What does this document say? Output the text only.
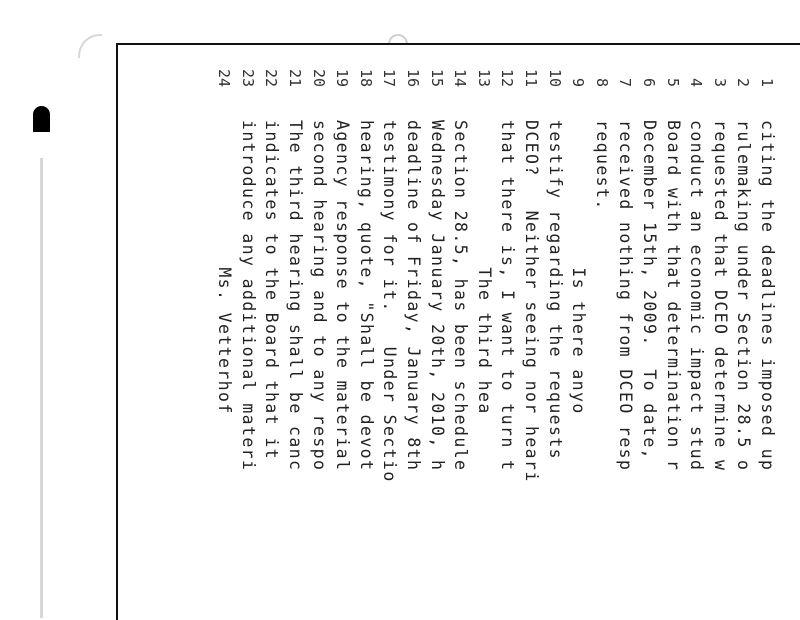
1
citing the deadlines imposed up
2
rulemaking under Section 28.5 o
3
requested that DCEO determine w
4
conduct an economic impact stud
5
Board with that determination r
6
December 15th, 2009.  To date,
7
received nothing from DCEO resp
8
request.
9
Is there anyo
10
testify regarding the requests
11
DCEO?   Neither seeing nor heari
12
that there is, I want to turn t
13
The third hea
14
Section 28.5, has been schedule
15
Wednesday January 20th, 2010, h
16
deadline of Friday, January 8th
17
testimony for it.   Under Sectio
18
hearing, quote, "Shall be devot
19
Agency response to the material
20
second hearing and to any respo
21
The third hearing shall be canc
22
indicates to the Board that it
23
introduce any additional materi
24
Ms. Vetterhof
